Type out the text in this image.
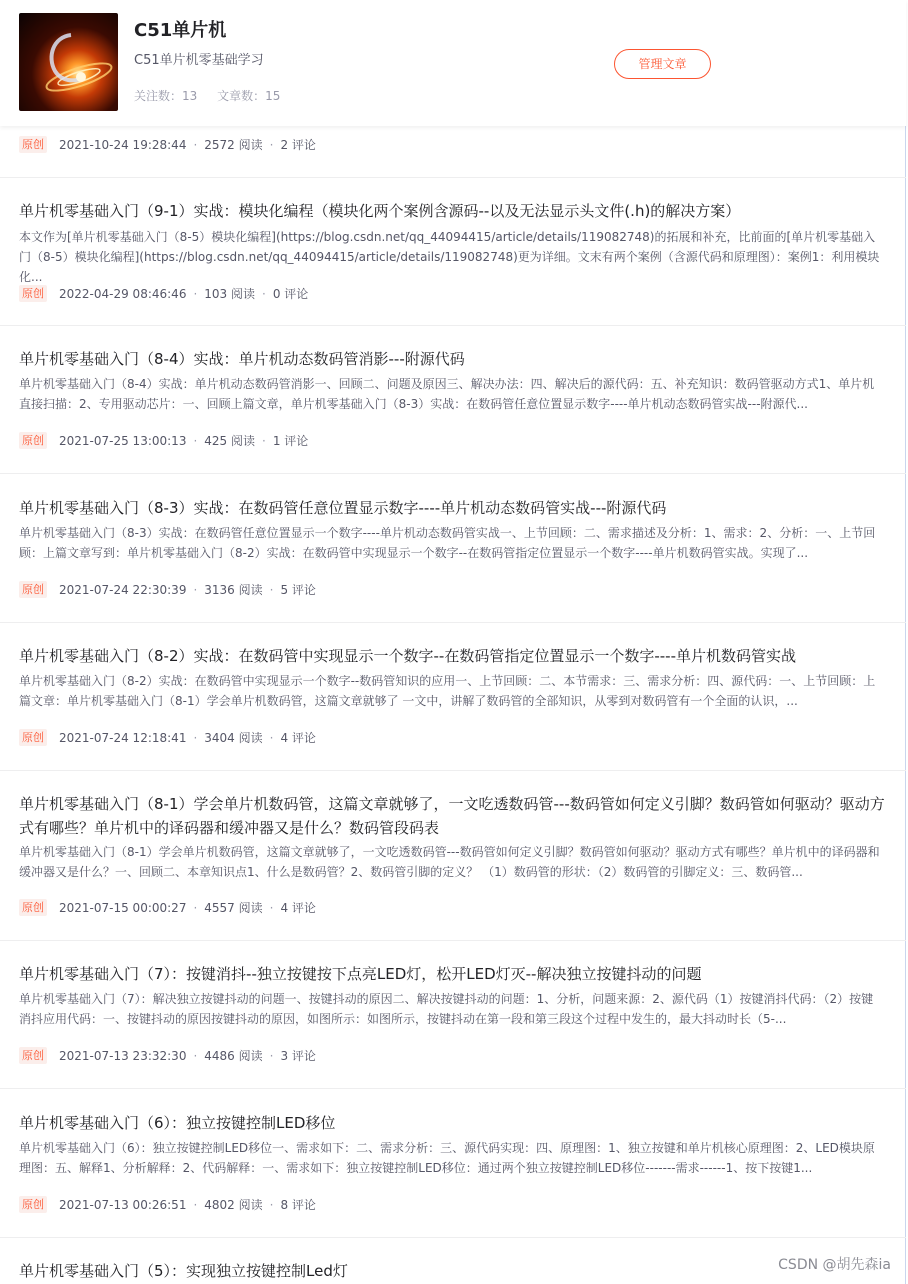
C51单片机
C51单片机零基础学习
关注数：13 文章数：15
管理文章
原创 2021-10-24 19:28:44 · 2572 阅读 · 2 评论
单片机零基础入门（9-1）实战：模块化编程（模块化两个案例含源码--以及无法显示头文件(.h)的解决方案）
本文作为[单片机零基础入门（8-5）模块化编程](https://blog.csdn.net/qq_44094415/article/details/119082748)的拓展和补充，比前面的[单片机零基础入门（8-5）模块化编程](https://blog.csdn.net/qq_44094415/article/details/119082748)更为详细。文末有两个案例（含源代码和原理图）：案例1：利用模块化...
原创 2022-04-29 08:46:46 · 103 阅读 · 0 评论
单片机零基础入门（8-4）实战：单片机动态数码管消影---附源代码
单片机零基础入门（8-4）实战：单片机动态数码管消影一、回顾二、问题及原因三、解决办法：四、解决后的源代码：五、补充知识：数码管驱动方式1、单片机直接扫描：2、专用驱动芯片：一、回顾上篇文章，单片机零基础入门（8-3）实战：在数码管任意位置显示数字----单片机动态数码管实战---附源代...
原创 2021-07-25 13:00:13 · 425 阅读 · 1 评论
单片机零基础入门（8-3）实战：在数码管任意位置显示数字----单片机动态数码管实战---附源代码
单片机零基础入门（8-3）实战：在数码管任意位置显示一个数字----单片机动态数码管实战一、上节回顾：二、需求描述及分析：1、需求：2、分析：一、上节回顾：上篇文章写到：单片机零基础入门（8-2）实战：在数码管中实现显示一个数字--在数码管指定位置显示一个数字----单片机数码管实战。实现了...
原创 2021-07-24 22:30:39 · 3136 阅读 · 5 评论
单片机零基础入门（8-2）实战：在数码管中实现显示一个数字--在数码管指定位置显示一个数字----单片机数码管实战
单片机零基础入门（8-2）实战：在数码管中实现显示一个数字--数码管知识的应用一、上节回顾：二、本节需求：三、需求分析：四、源代码：一、上节回顾：上篇文章：单片机零基础入门（8-1）学会单片机数码管，这篇文章就够了 一文中，讲解了数码管的全部知识，从零到对数码管有一个全面的认识，...
原创 2021-07-24 12:18:41 · 3404 阅读 · 4 评论
单片机零基础入门（8-1）学会单片机数码管，这篇文章就够了，一文吃透数码管---数码管如何定义引脚？数码管如何驱动？驱动方式有哪些？单片机中的译码器和缓冲器又是什么？数码管段码表
单片机零基础入门（8-1）学会单片机数码管，这篇文章就够了，一文吃透数码管---数码管如何定义引脚？数码管如何驱动？驱动方式有哪些？单片机中的译码器和缓冲器又是什么？一、回顾二、本章知识点1、什么是数码管？2、数码管引脚的定义？ （1）数码管的形状：（2）数码管的引脚定义：三、数码管...
原创 2021-07-15 00:00:27 · 4557 阅读 · 4 评论
单片机零基础入门（7）：按键消抖--独立按键按下点亮LED灯，松开LED灯灭--解决独立按键抖动的问题
单片机零基础入门（7）：解决独立按键抖动的问题一、按键抖动的原因二、解决按键抖动的问题：1、分析，问题来源：2、源代码（1）按键消抖代码：（2）按键消抖应用代码：一、按键抖动的原因按键抖动的原因，如图所示：如图所示，按键抖动在第一段和第三段这个过程中发生的，最大抖动时长（5-...
原创 2021-07-13 23:32:30 · 4486 阅读 · 3 评论
单片机零基础入门（6）：独立按键控制LED移位
单片机零基础入门（6）：独立按键控制LED移位一、需求如下：二、需求分析：三、源代码实现：四、原理图：1、独立按键和单片机核心原理图：2、LED模块原理图：五、解释1、分析解释：2、代码解释：一、需求如下：独立按键控制LED移位：通过两个独立按键控制LED移位-------需求------1、按下按键1...
原创 2021-07-13 00:26:51 · 4802 阅读 · 8 评论
单片机零基础入门（5）：实现独立按键控制Led灯	CSDN @胡先森ia
